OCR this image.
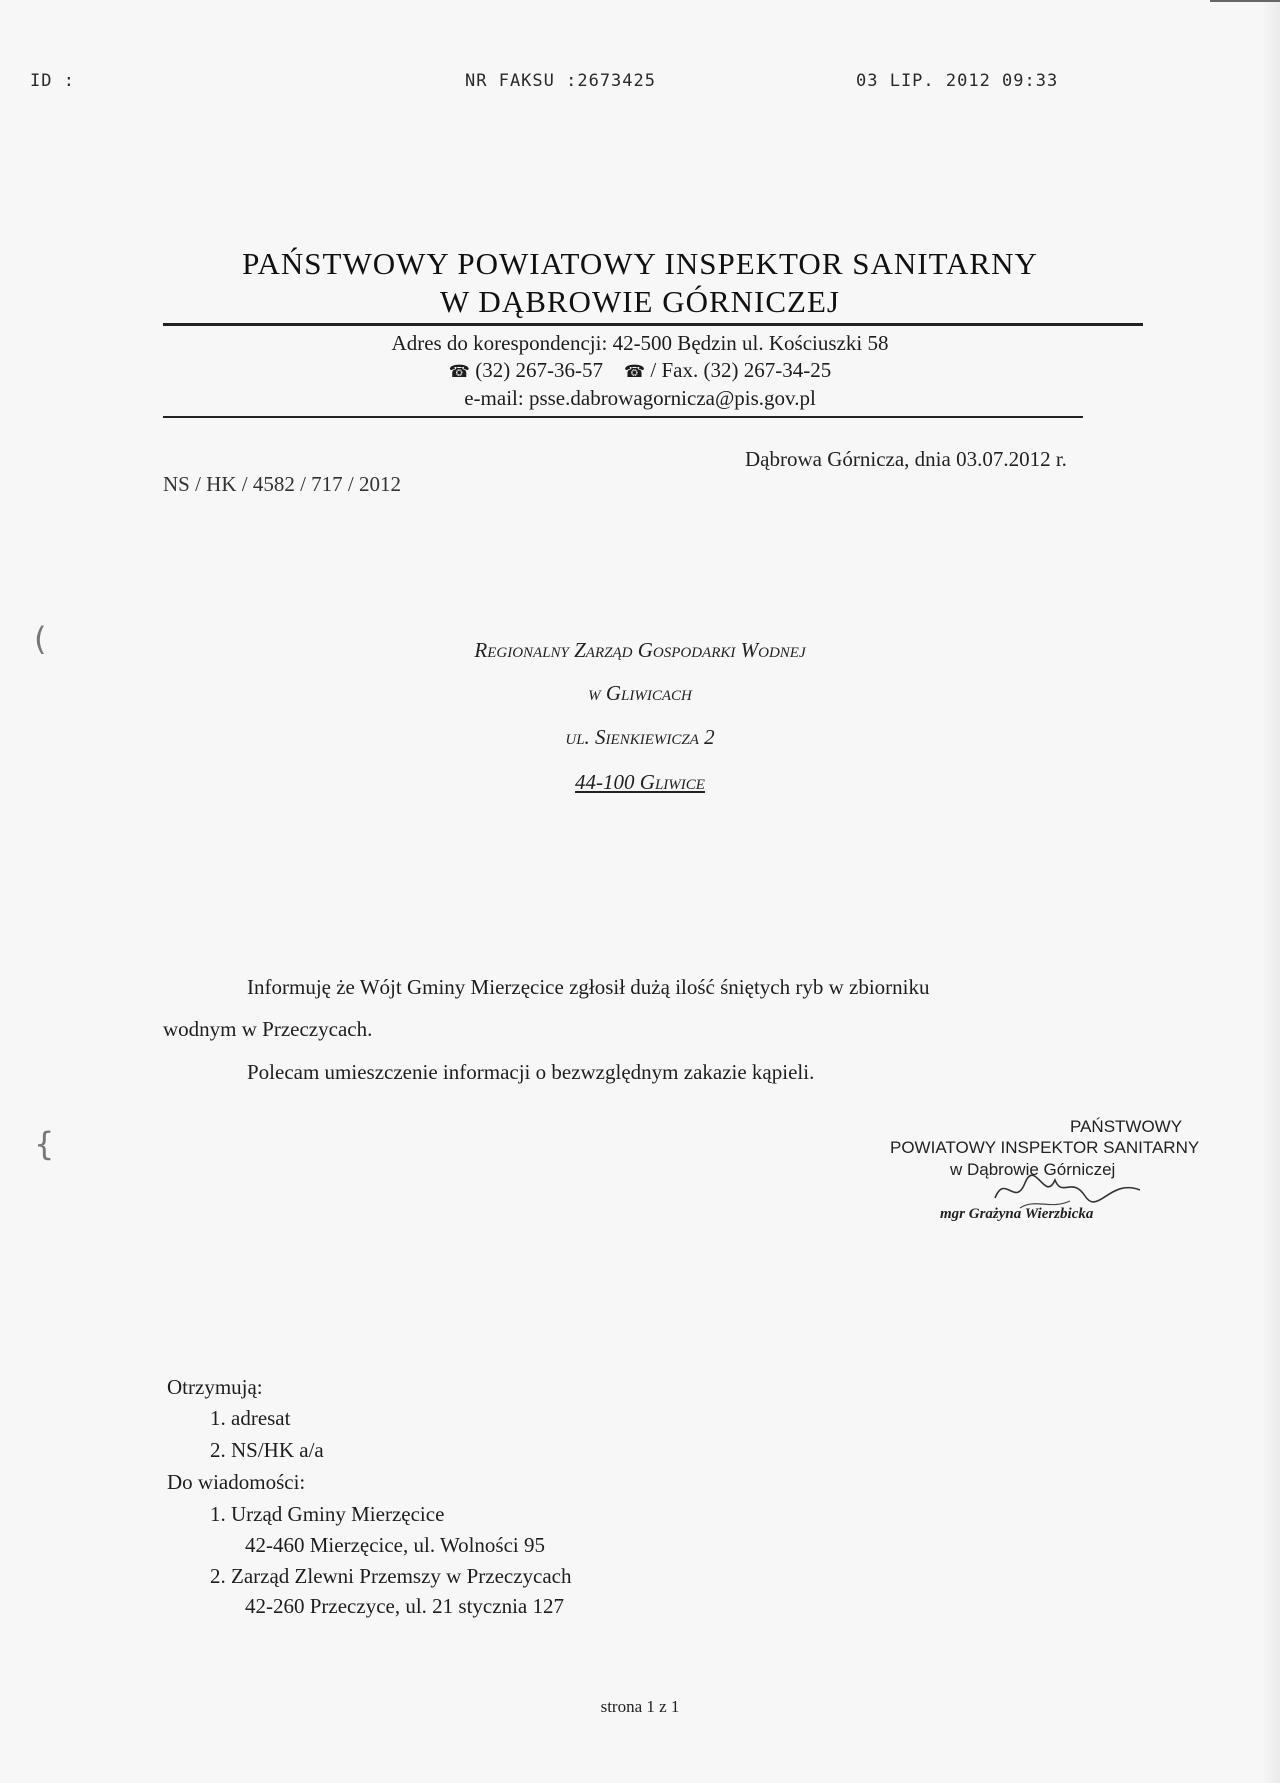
ID :	NR FAKSU :2673425	03 LIP. 2012 09:33
PAŃSTWOWY POWIATOWY INSPEKTOR SANITARNY
W DĄBROWIE GÓRNICZEJ
Adres do korespondencji: 42-500 Będzin ul. Kościuszki 58
☎ (32) 267-36-57 ☎ / Fax. (32) 267-34-25
e-mail: psse.dabrowagornicza@pis.gov.pl
NS / HK / 4582 / 717 / 2012
Dąbrowa Górnicza, dnia 03.07.2012 r.
Regionalny Zarząd Gospodarki Wodnej
w Gliwicach
ul. Sienkiewicza 2
44-100 Gliwice
Informuję że Wójt Gminy Mierzęcice zgłosił dużą ilość śniętych ryb w zbiorniku
wodnym w Przeczycach.
Polecam umieszczenie informacji o bezwzględnym zakazie kąpieli.
PAŃSTWOWY
POWIATOWY INSPEKTOR SANITARNY
w Dąbrowie Górniczej
mgr Grażyna Wierzbicka
Otrzymują:
1. adresat
2. NS/HK a/a
Do wiadomości:
1. Urząd Gminy Mierzęcice
42-460 Mierzęcice, ul. Wolności 95
2. Zarząd Zlewni Przemszy w Przeczycach
42-260 Przeczyce, ul. 21 stycznia 127
strona 1 z 1
(
{
